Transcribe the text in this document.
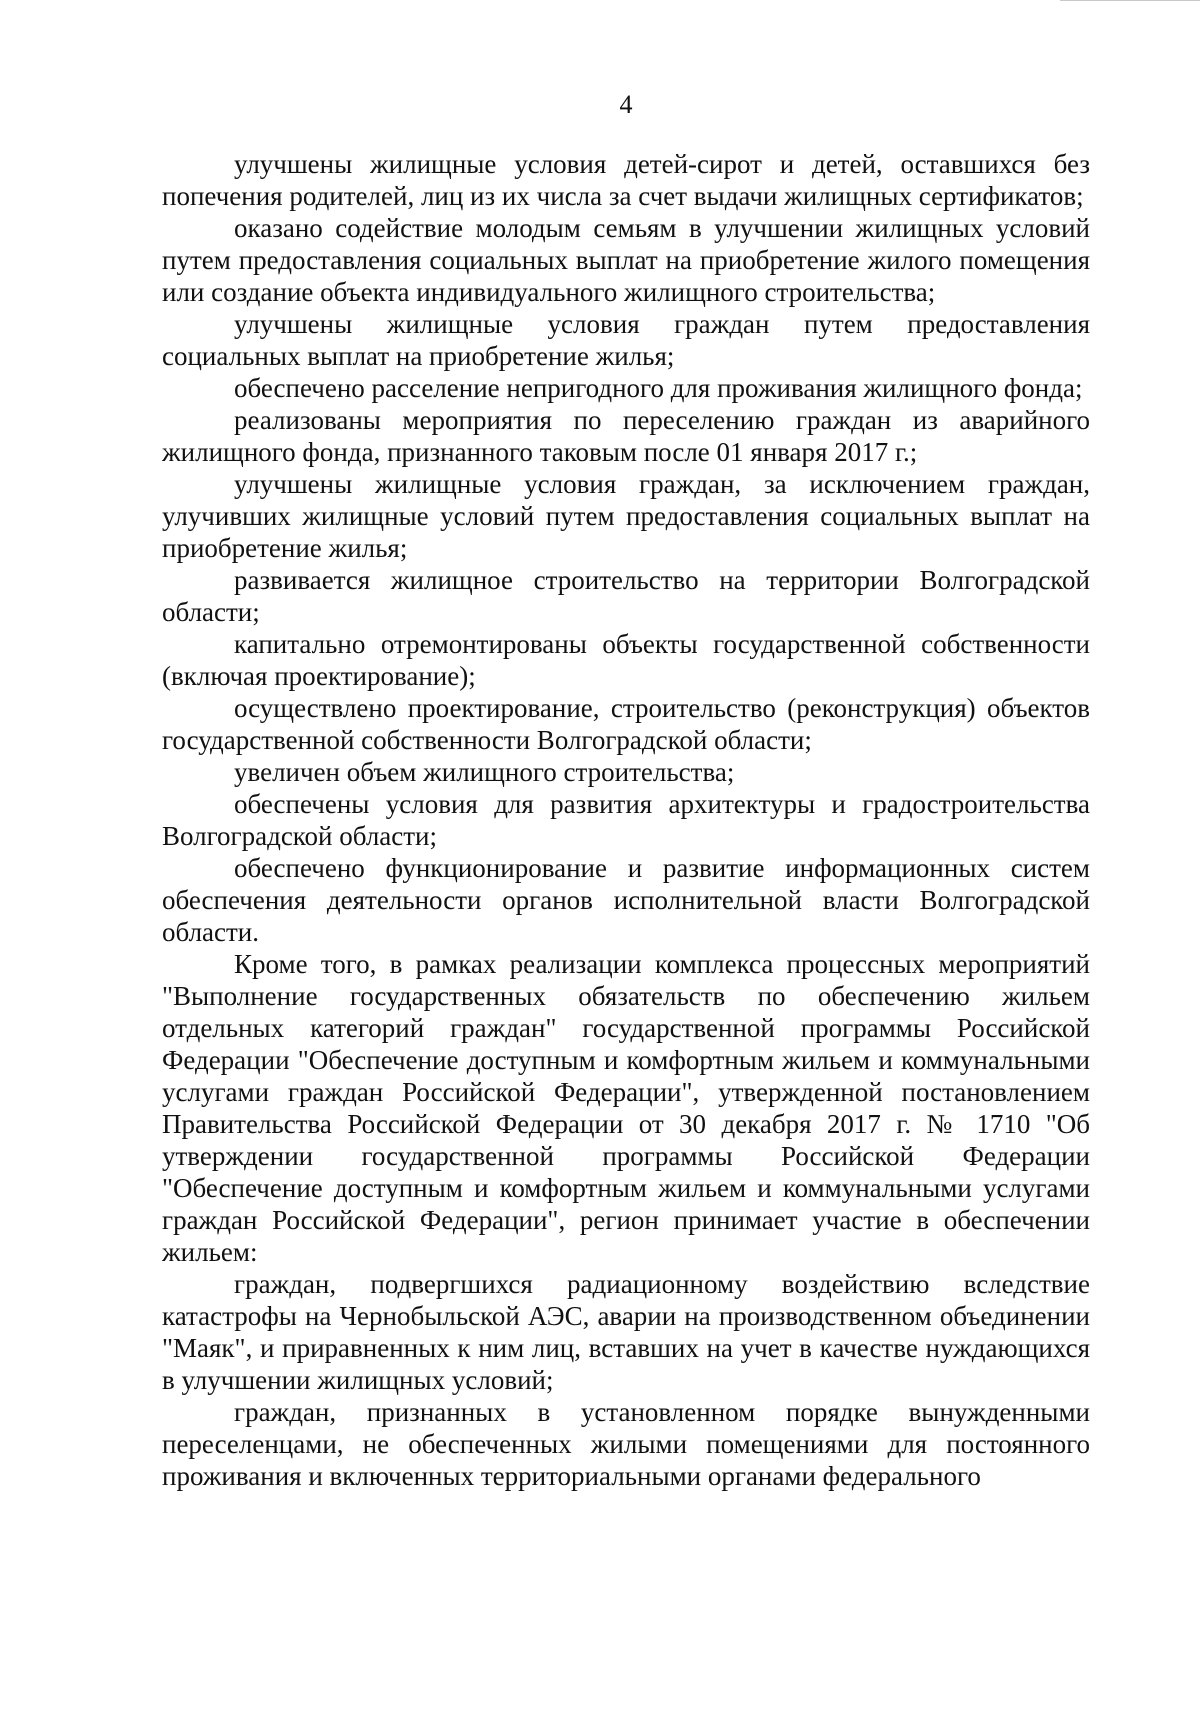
4

улучшены жилищные условия детей-сирот и детей, оставшихся без попечения родителей, лиц из их числа за счет выдачи жилищных сертификатов;

оказано содействие молодым семьям в улучшении жилищных условий путем предоставления социальных выплат на приобретение жилого помещения или создание объекта индивидуального жилищного строительства;

улучшены жилищные условия граждан путем предоставления социальных выплат на приобретение жилья;

обеспечено расселение непригодного для проживания жилищного фонда;

реализованы мероприятия по переселению граждан из аварийного жилищного фонда, признанного таковым после 01 января 2017 г.;

улучшены жилищные условия граждан, за исключением граждан, улучивших жилищные условий путем предоставления социальных выплат на приобретение жилья;

развивается жилищное строительство на территории Волгоградской области;

капитально отремонтированы объекты государственной собственности (включая проектирование);

осуществлено проектирование, строительство (реконструкция) объектов государственной собственности Волгоградской области;

увеличен объем жилищного строительства;

обеспечены условия для развития архитектуры и градостроительства Волгоградской области;

обеспечено функционирование и развитие информационных систем обеспечения деятельности органов исполнительной власти Волгоградской области.

Кроме того, в рамках реализации комплекса процессных мероприятий "Выполнение государственных обязательств по обеспечению жильем отдельных категорий граждан" государственной программы Российской Федерации "Обеспечение доступным и комфортным жильем и коммунальными услугами граждан Российской Федерации", утвержденной постановлением Правительства Российской Федерации от 30 декабря 2017 г. № 1710 "Об утверждении государственной программы Российской Федерации "Обеспечение доступным и комфортным жильем и коммунальными услугами граждан Российской Федерации", регион принимает участие в обеспечении жильем:

граждан, подвергшихся радиационному воздействию вследствие катастрофы на Чернобыльской АЭС, аварии на производственном объединении "Маяк", и приравненных к ним лиц, вставших на учет в качестве нуждающихся в улучшении жилищных условий;

граждан, признанных в установленном порядке вынужденными переселенцами, не обеспеченных жилыми помещениями для постоянного проживания и включенных территориальными органами федерального
